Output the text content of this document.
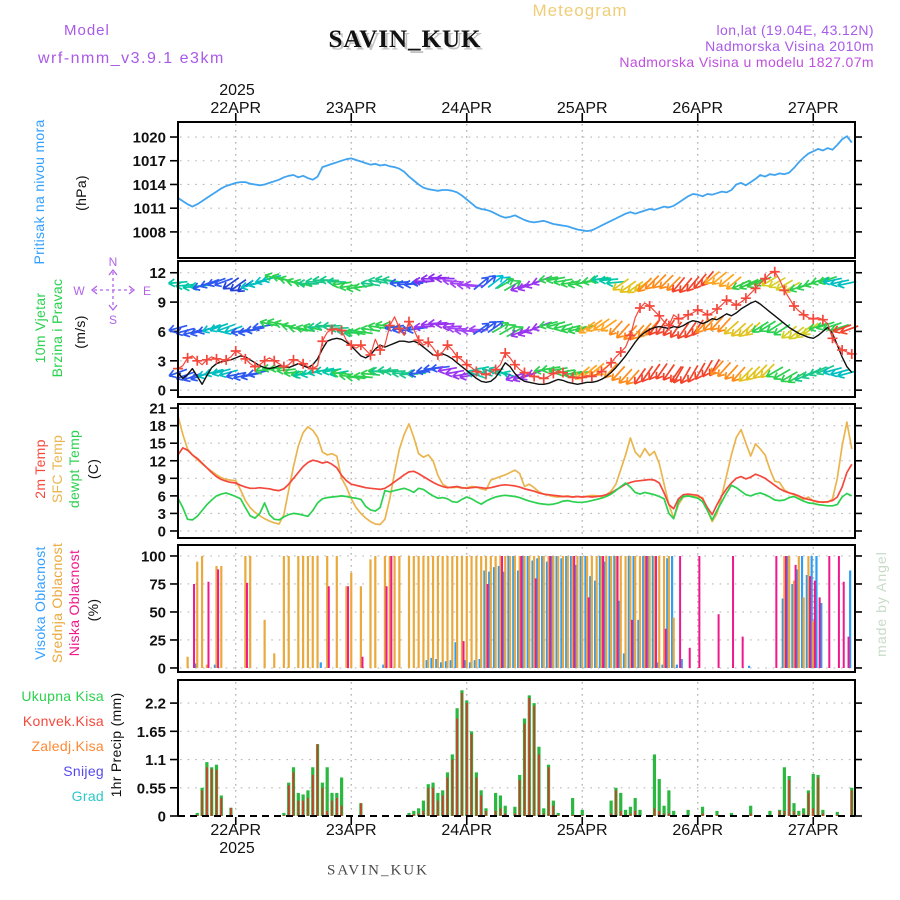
Meteogram
Model	SAVIN_KUK
wrf-nmm_v3.9.1 e3km
lon,lat (19.04E, 43.12N)
Nadmorska Visina 2010m
Nadmorska Visina u modelu 1827.07m
2025
22APR	23APR	24APR	25APR	26APR	27APR
Pritisak na nivou mora (hPa)
10m Vjetar Brzina i Pravac (m/s)
N
W	E
S
2m Temp SFC Temp dewpt Temp (C)
Visoka Oblacnost Srednja Oblacnost Niska Oblacnost (%)
Ukupna Kisa
Konvek.Kisa
Zaledj.Kisa
Snijeg
Grad 1hr Precip (mm)
1008
1011
1014
1017
1020
0
3
6
9
12
0
3
6
9
12
15
18
21
0
25
50
75
100
0
0.55
1.1
1.65
2.2
made by Angel
22APR	23APR	24APR	25APR	26APR	27APR
2025
SAVIN_KUK
